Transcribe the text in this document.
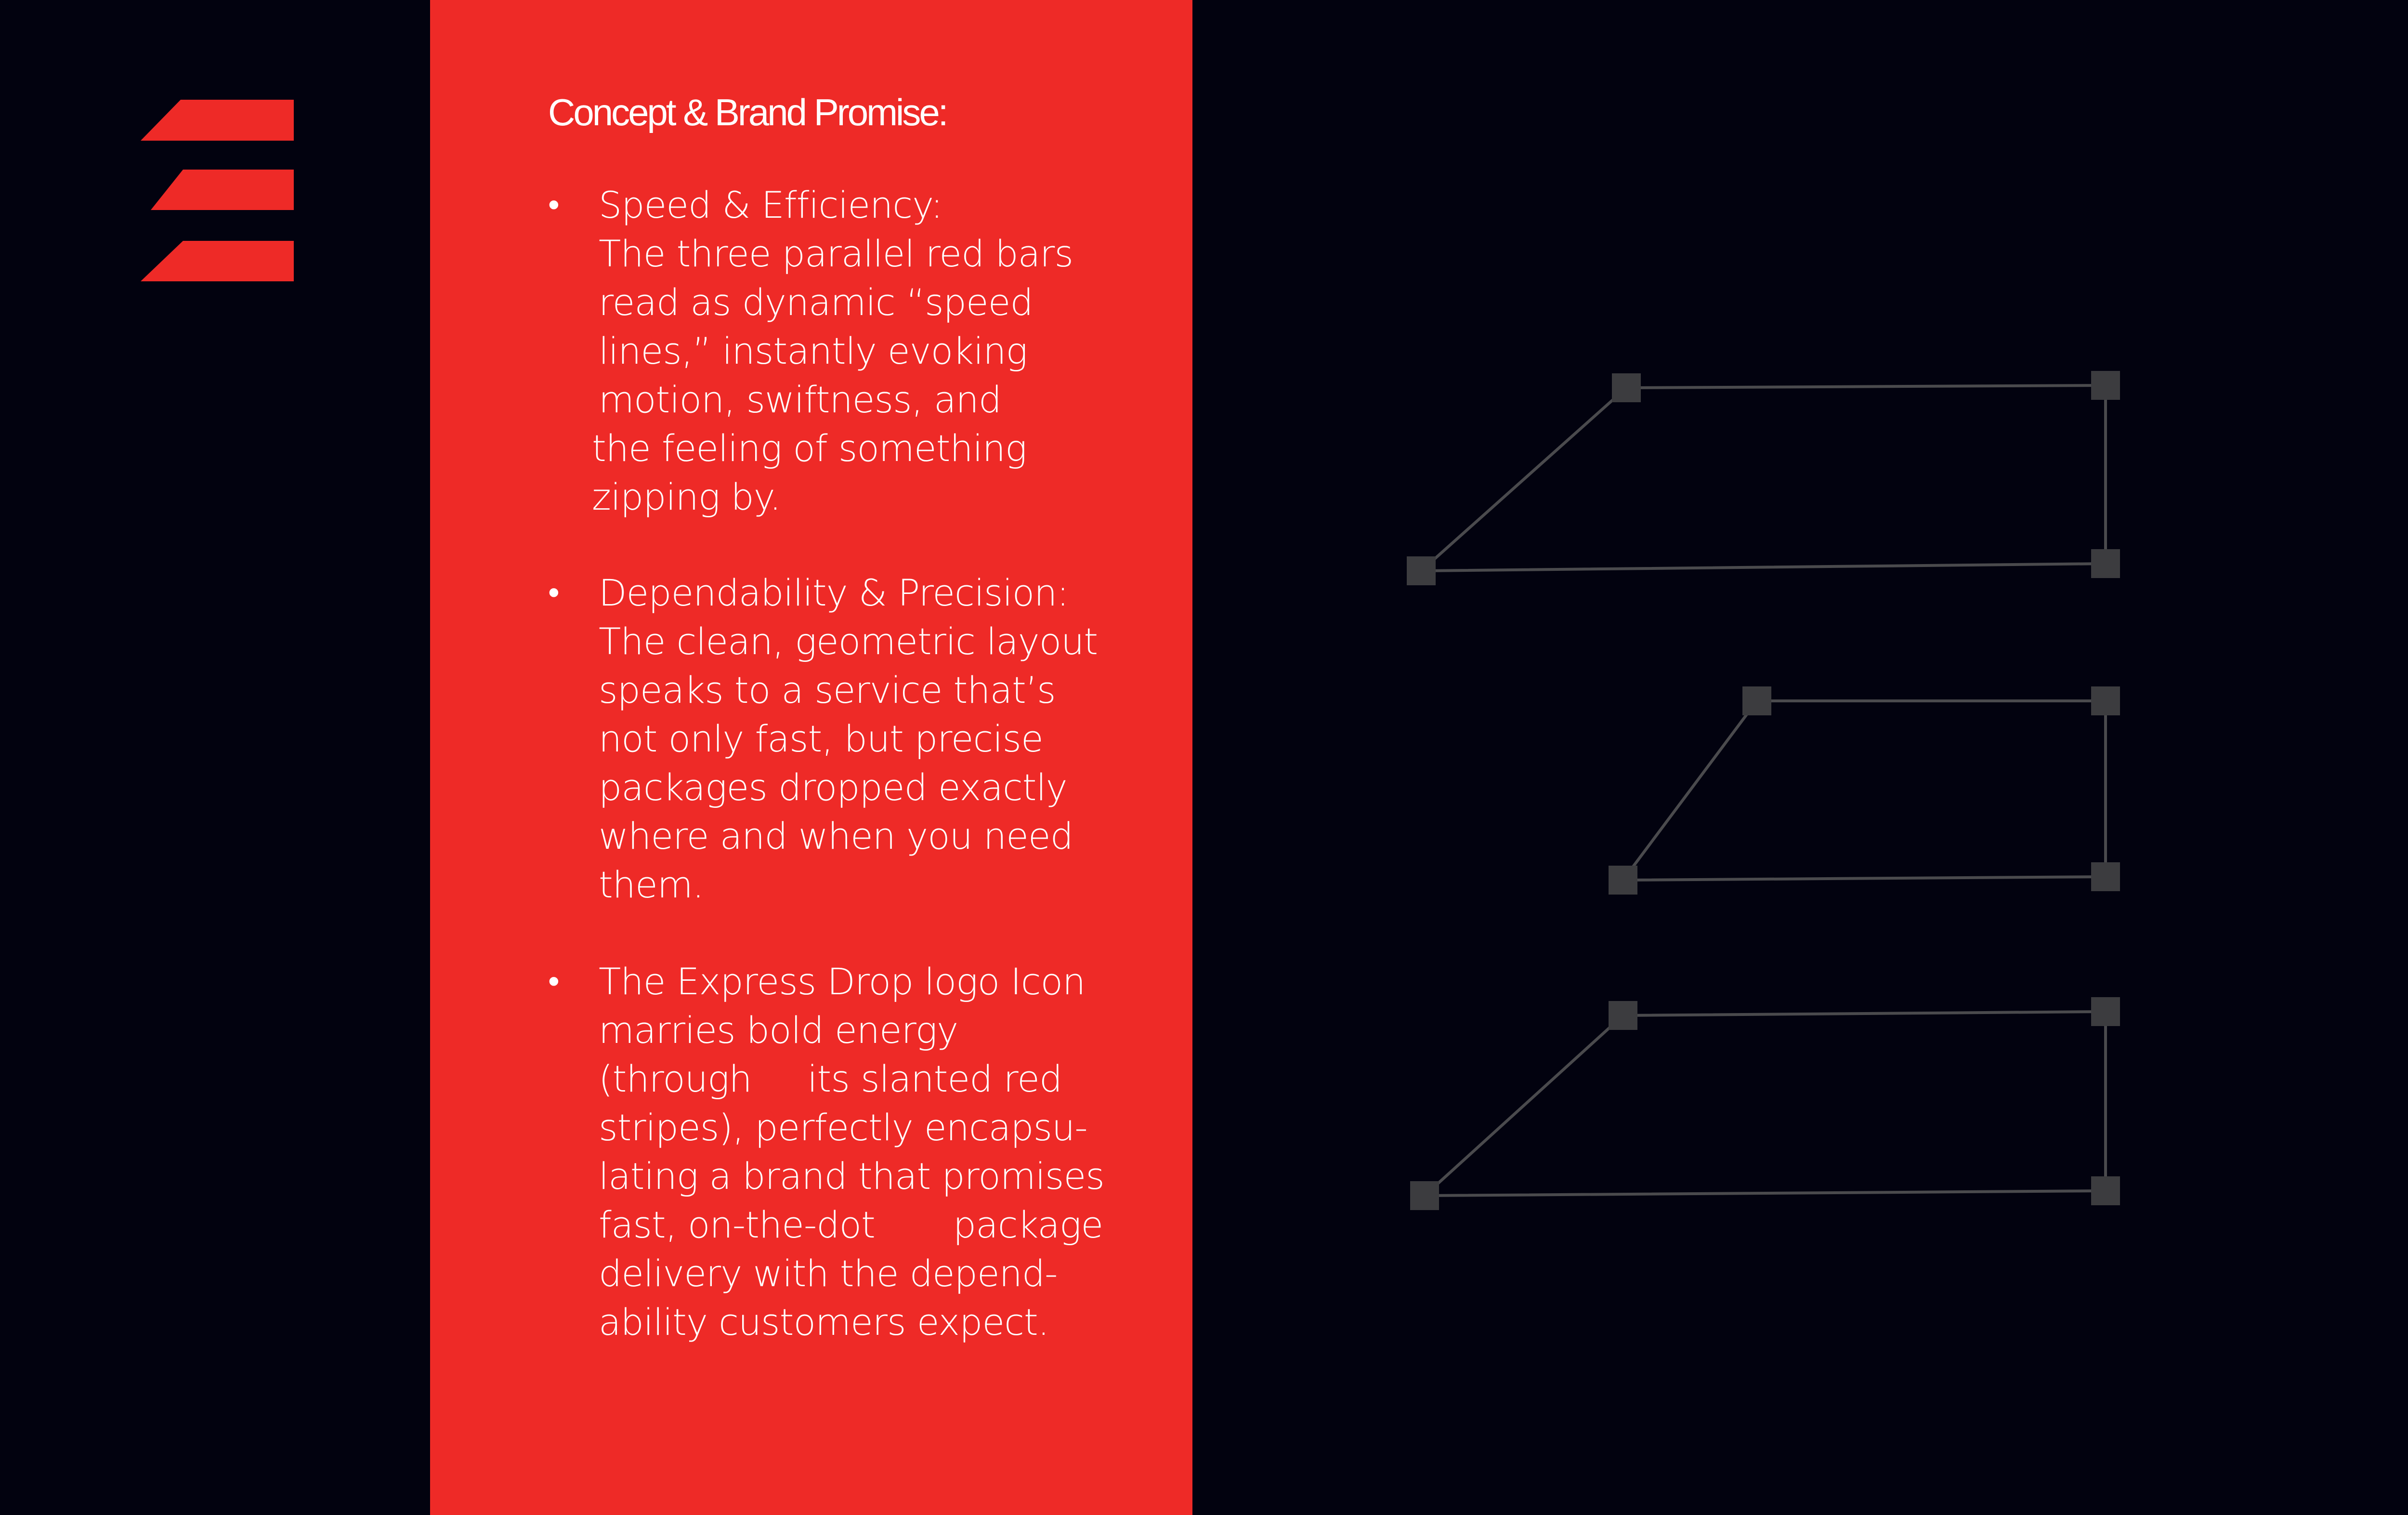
Concept & Brand Promise:
•	Speed & Efficiency:
The three parallel red bars
read as dynamic “speed
lines,” instantly evoking
motion, swiftness, and
the feeling of something
zipping by.
•	Dependability & Precision:
The clean, geometric layout
speaks to a service that’s
not only fast, but precise
packages dropped exactly
where and when you need
them.
•	The Express Drop logo Icon
marries bold energy
(through     its slanted red
stripes), perfectly encapsu-
lating a brand that promises
fast, on-the-dot       package
delivery with the depend-
ability customers expect.
